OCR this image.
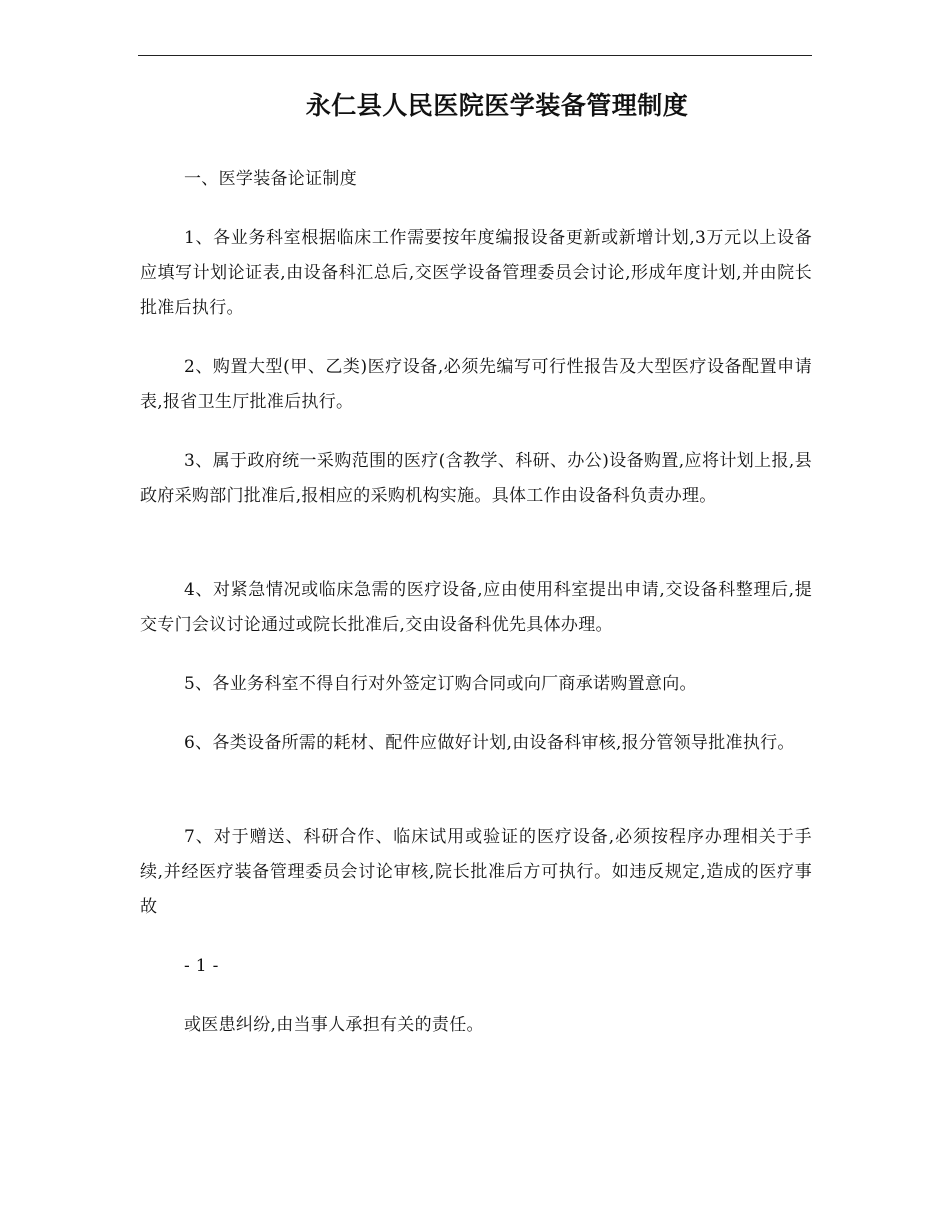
永仁县人民医院医学装备管理制度

一、医学装备论证制度

1、各业务科室根据临床工作需要按年度编报设备更新或新增计划,3万元以上设备应填写计划论证表,由设备科汇总后,交医学设备管理委员会讨论,形成年度计划,并由院长批准后执行。

2、购置大型(甲、乙类)医疗设备,必须先编写可行性报告及大型医疗设备配置申请表,报省卫生厅批准后执行。

3、属于政府统一采购范围的医疗(含教学、科研、办公)设备购置,应将计划上报,县政府采购部门批准后,报相应的采购机构实施。具体工作由设备科负责办理。

4、对紧急情况或临床急需的医疗设备,应由使用科室提出申请,交设备科整理后,提交专门会议讨论通过或院长批准后,交由设备科优先具体办理。

5、各业务科室不得自行对外签定订购合同或向厂商承诺购置意向。

6、各类设备所需的耗材、配件应做好计划,由设备科审核,报分管领导批准执行。

7、对于赠送、科研合作、临床试用或验证的医疗设备,必须按程序办理相关于手续,并经医疗装备管理委员会讨论审核,院长批准后方可执行。如违反规定,造成的医疗事故

- 1 -

或医患纠纷,由当事人承担有关的责任。
